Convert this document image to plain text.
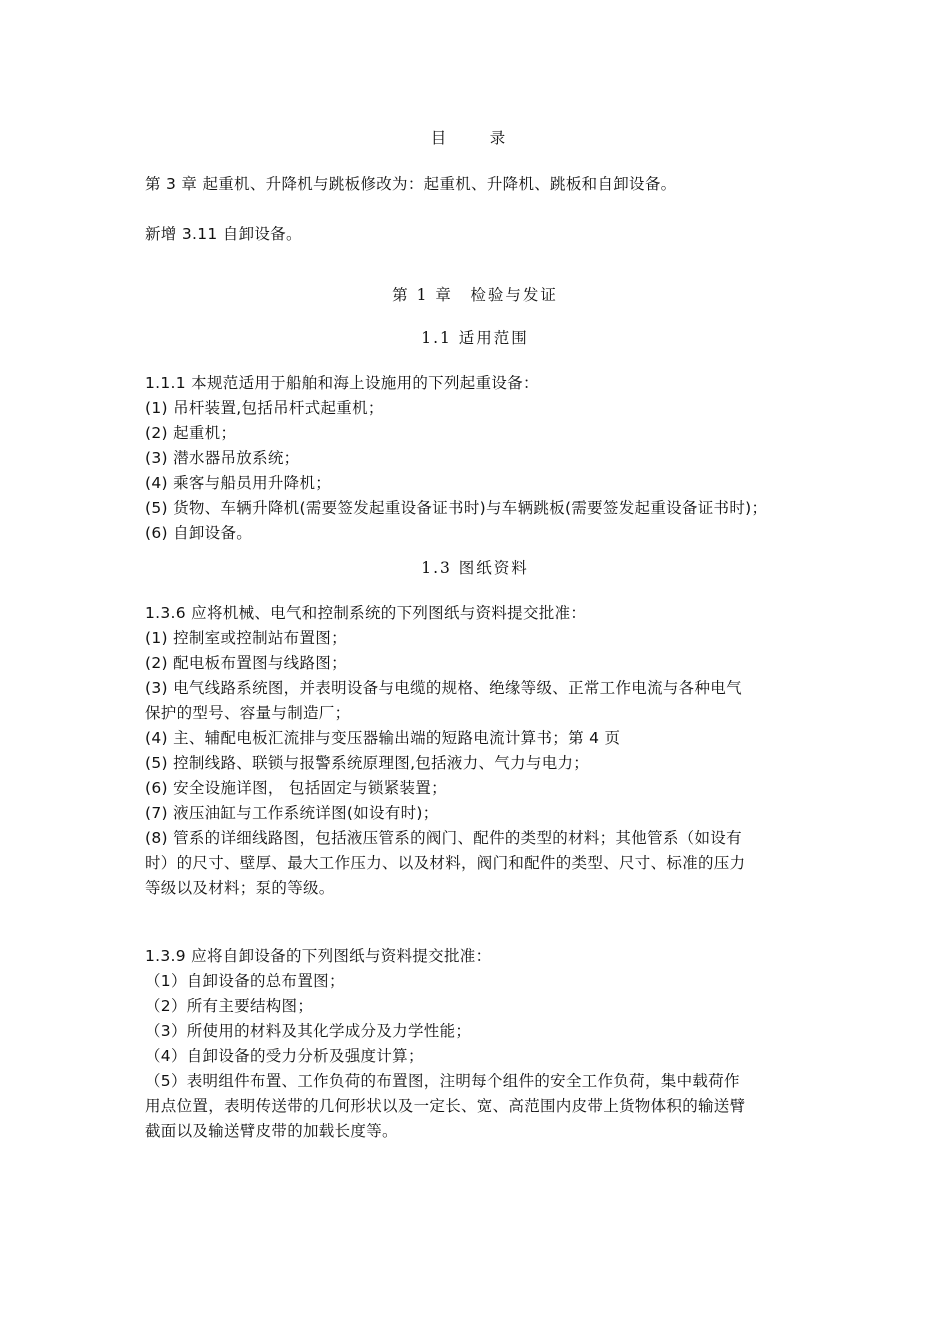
目　录
第 3 章 起重机、升降机与跳板修改为：起重机、升降机、跳板和自卸设备。
新增 3.11 自卸设备。
第 1 章　检验与发证
1.1 适用范围
1.1.1 本规范适用于船舶和海上设施用的下列起重设备：
(1) 吊杆装置,包括吊杆式起重机；
(2) 起重机；
(3) 潜水器吊放系统；
(4) 乘客与船员用升降机；
(5) 货物、车辆升降机(需要签发起重设备证书时)与车辆跳板(需要签发起重设备证书时)；
(6) 自卸设备。
1.3 图纸资料
1.3.6 应将机械、电气和控制系统的下列图纸与资料提交批准：
(1) 控制室或控制站布置图；
(2) 配电板布置图与线路图；
(3) 电气线路系统图，并表明设备与电缆的规格、绝缘等级、正常工作电流与各种电气
保护的型号、容量与制造厂；
(4) 主、辅配电板汇流排与变压器输出端的短路电流计算书；第 4 页
(5) 控制线路、联锁与报警系统原理图,包括液力、气力与电力；
(6) 安全设施详图， 包括固定与锁紧装置；
(7) 液压油缸与工作系统详图(如设有时)；
(8) 管系的详细线路图，包括液压管系的阀门、配件的类型的材料；其他管系（如设有
时）的尺寸、壁厚、最大工作压力、以及材料，阀门和配件的类型、尺寸、标准的压力
等级以及材料；泵的等级。
1.3.9 应将自卸设备的下列图纸与资料提交批准：
（1）自卸设备的总布置图；
（2）所有主要结构图；
（3）所使用的材料及其化学成分及力学性能；
（4）自卸设备的受力分析及强度计算；
（5）表明组件布置、工作负荷的布置图，注明每个组件的安全工作负荷，集中载荷作
用点位置，表明传送带的几何形状以及一定长、宽、高范围内皮带上货物体积的输送臂
截面以及输送臂皮带的加载长度等。
